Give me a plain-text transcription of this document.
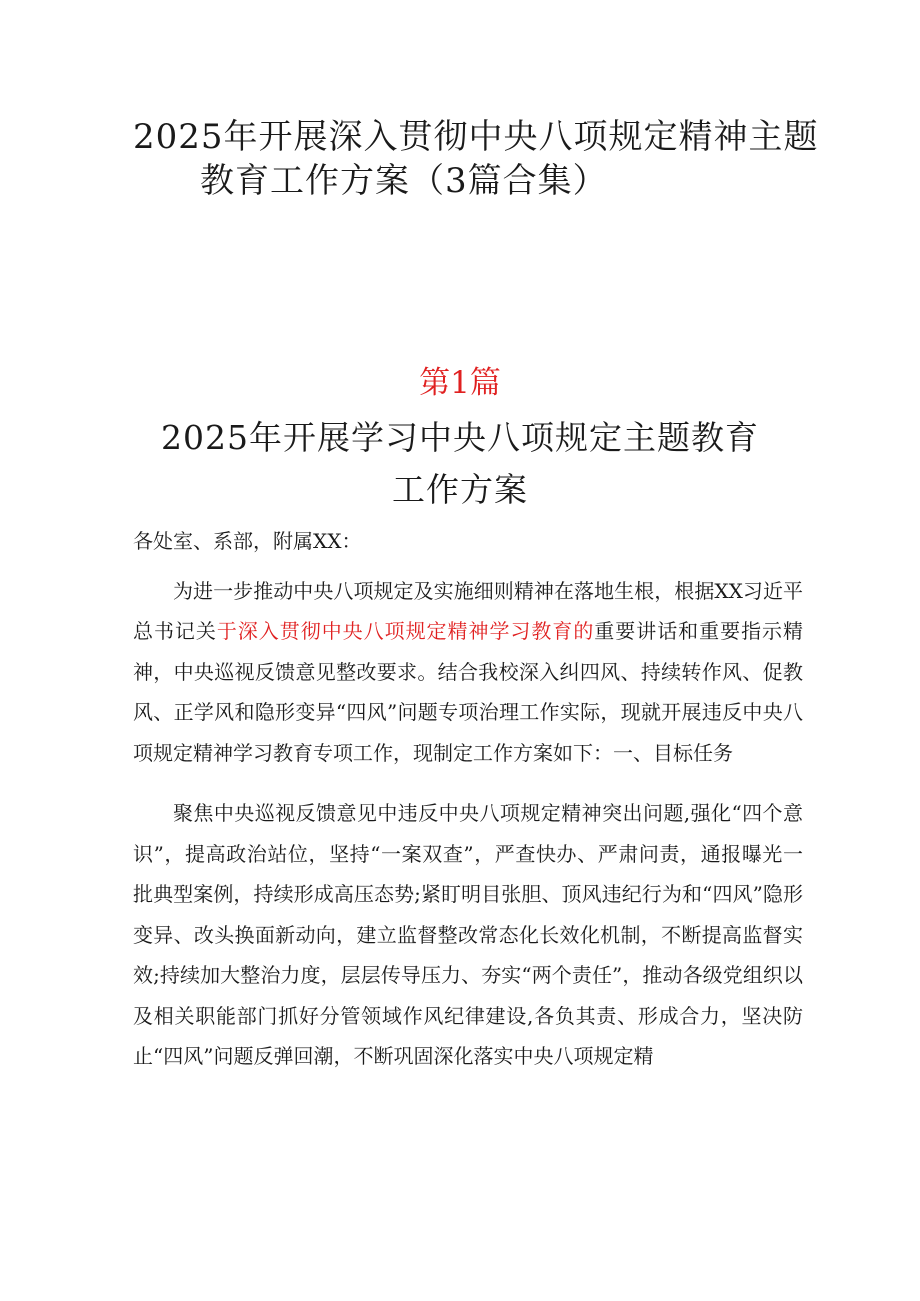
2025年开展深入贯彻中央八项规定精神主题
教育工作方案（3篇合集）
第1篇
2025年开展学习中央八项规定主题教育
工作方案
各处室、系部，附属XX：

为进一步推动中央八项规定及实施细则精神在落地生根，根据XX习近平总书记关于深入贯彻中央八项规定精神学习教育的重要讲话和重要指示精神，中央巡视反馈意见整改要求。结合我校深入纠四风、持续转作风、促教风、正学风和隐形变异“四风”问题专项治理工作实际，现就开展违反中央八项规定精神学习教育专项工作，现制定工作方案如下：一、目标任务

聚焦中央巡视反馈意见中违反中央八项规定精神突出问题,强化“四个意识”，提高政治站位，坚持“一案双查”，严查快办、严肃问责，通报曝光一批典型案例，持续形成高压态势;紧盯明目张胆、顶风违纪行为和“四风”隐形变异、改头换面新动向，建立监督整改常态化长效化机制，不断提高监督实效;持续加大整治力度，层层传导压力、夯实“两个责任”，推动各级党组织以及相关职能部门抓好分管领域作风纪律建设,各负其责、形成合力，坚决防止“四风”问题反弹回潮，不断巩固深化落实中央八项规定精
